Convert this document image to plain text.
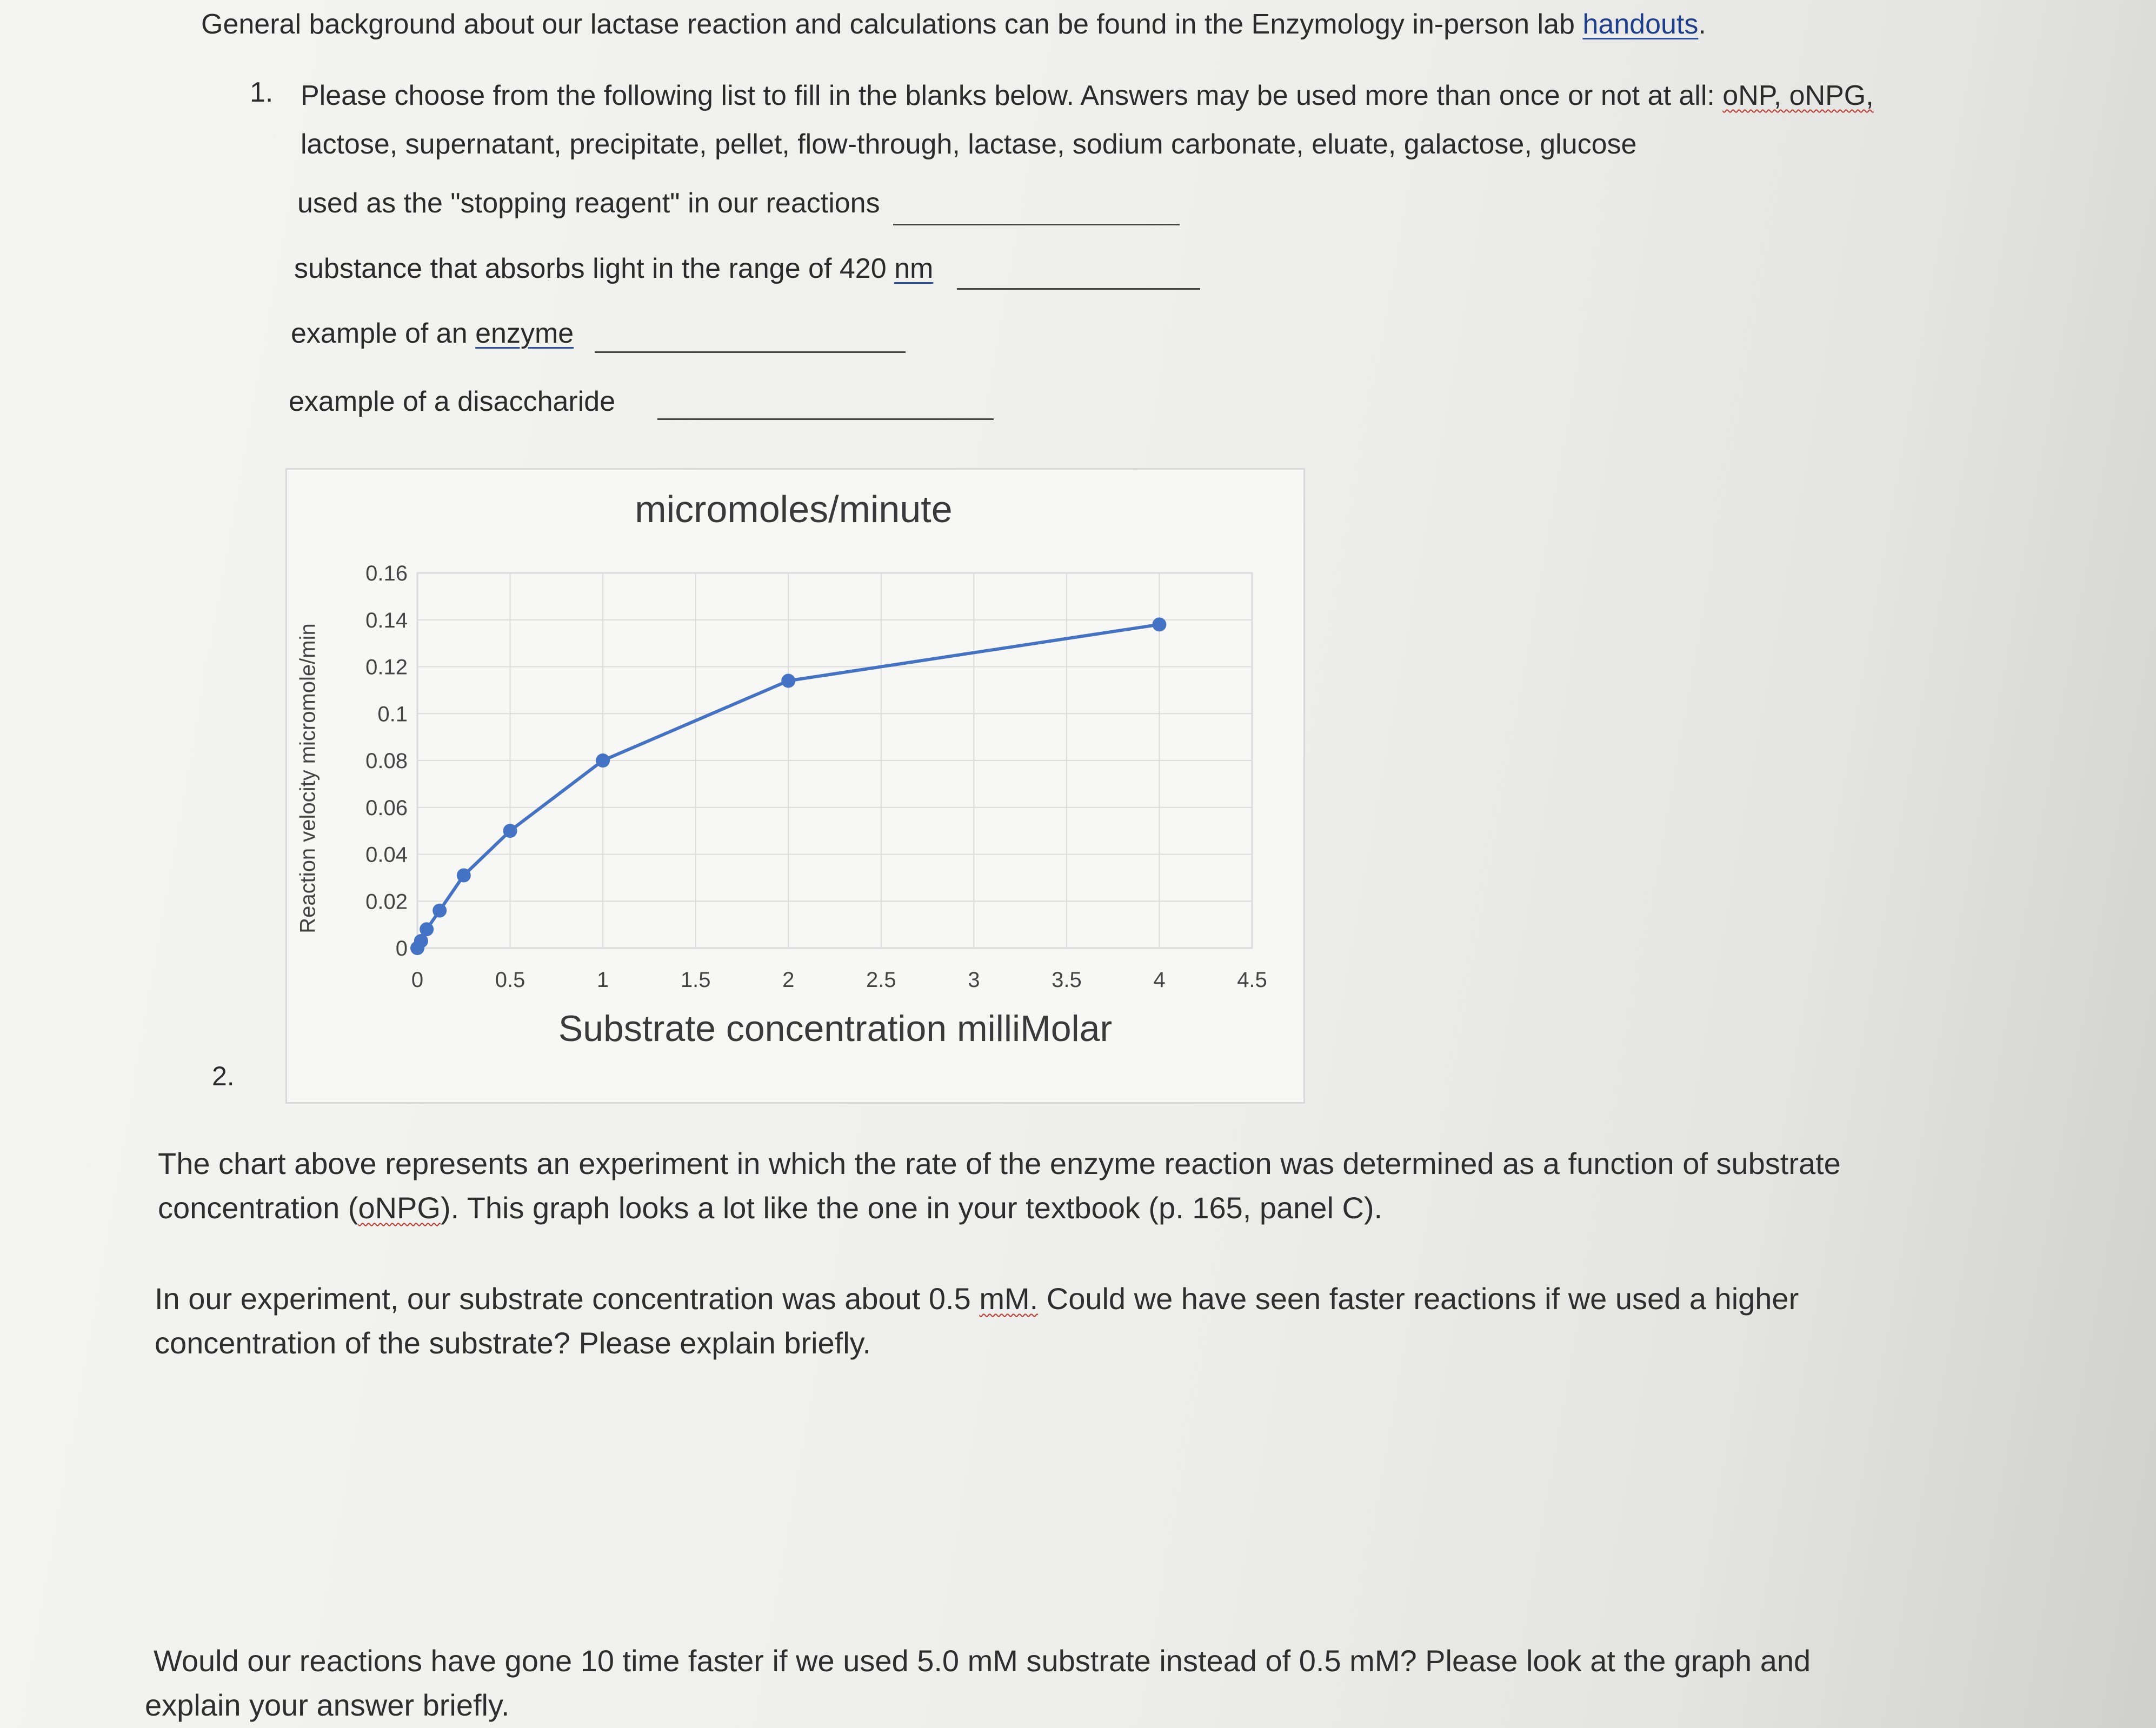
General background about our lactase reaction and calculations can be found in the Enzymology in-person lab handouts.
1. Please choose from the following list to fill in the blanks below. Answers may be used more than once or not at all: oNP, oNPG,
lactose, supernatant, precipitate, pellet, flow-through, lactase, sodium carbonate, eluate, galactose, glucose
used as the "stopping reagent" in our reactions
substance that absorbs light in the range of 420 nm
example of an enzyme
example of a disaccharide
2.
micromoles/minute
Reaction velocity micromole/min
Substrate concentration milliMolar
0	0.5	1	1.5	2	2.5	3	3.5	4	4.5
0
0.02
0.04
0.06
0.08
0.1
0.12
0.14
0.16
The chart above represents an experiment in which the rate of the enzyme reaction was determined as a function of substrate
concentration (oNPG). This graph looks a lot like the one in your textbook (p. 165, panel C).
In our experiment, our substrate concentration was about 0.5 mM. Could we have seen faster reactions if we used a higher
concentration of the substrate? Please explain briefly.
Would our reactions have gone 10 time faster if we used 5.0 mM substrate instead of 0.5 mM? Please look at the graph and
explain your answer briefly.
